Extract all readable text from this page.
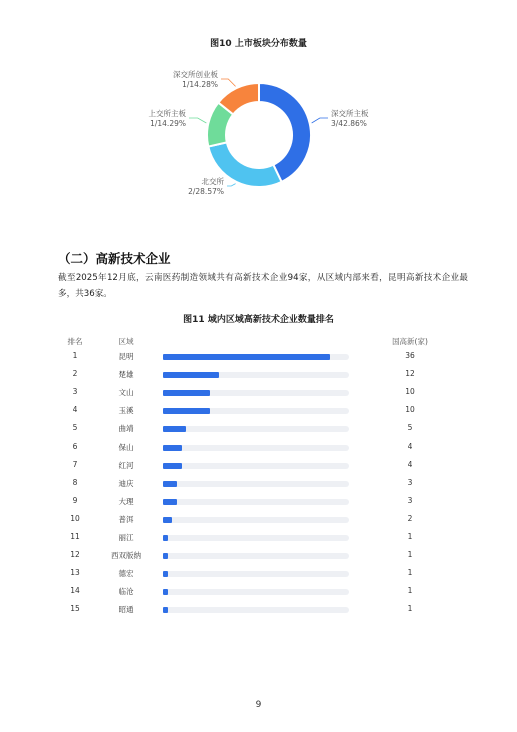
图10 上市板块分布数量
深交所主板
3/42.86%
北交所
2/28.57%
上交所主板
1/14.29%
深交所创业板
1/14.28%
（二）高新技术企业
截至2025年12月底，云南医药制造领域共有高新技术企业94家，从区域内部来看，昆明高新技术企业最多，共36家。
图11 域内区域高新技术企业数量排名
排名	区域	国高新(家)
1	昆明	36
2	楚雄	12
3	文山	10
4	玉溪	10
5	曲靖	5
6	保山	4
7	红河	4
8	迪庆	3
9	大理	3
10	普洱	2
11	丽江	1
12	西双版纳	1
13	德宏	1
14	临沧	1
15	昭通	1
9
